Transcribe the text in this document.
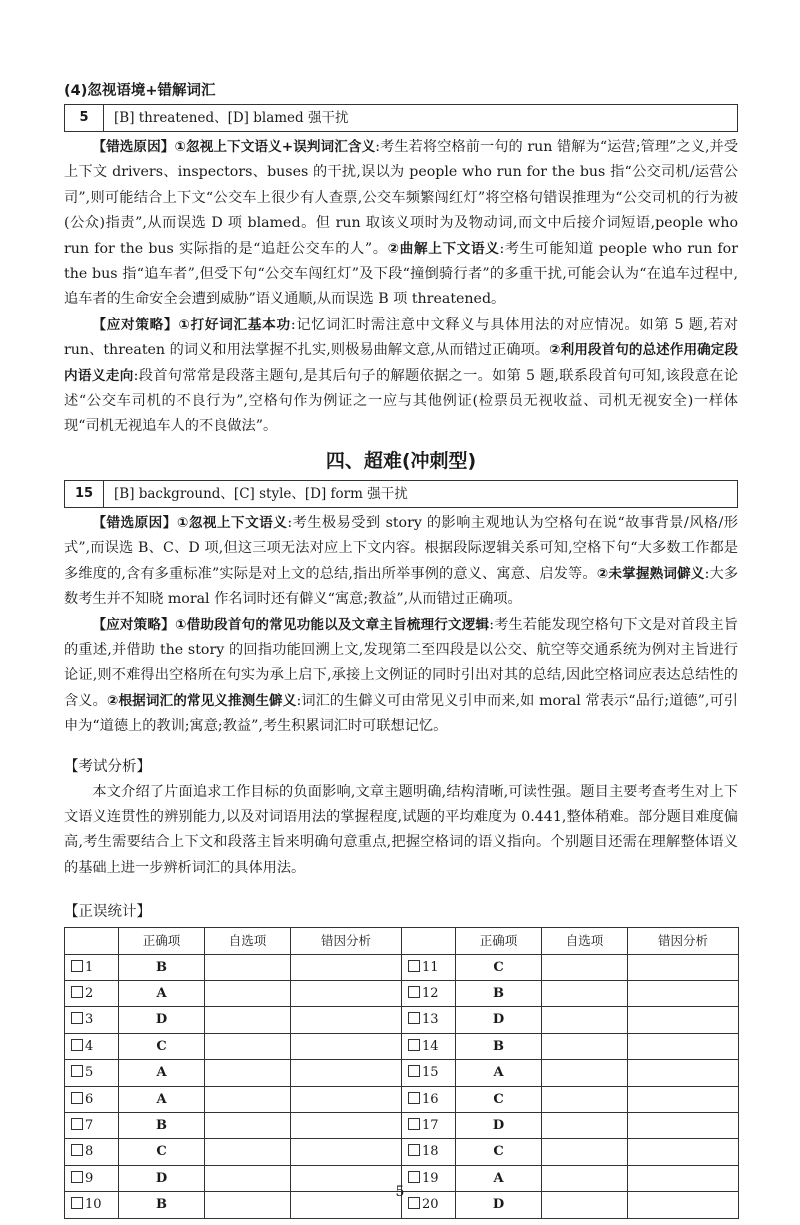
(4)忽视语境+错解词汇
5	[B] threatened、[D] blamed 强干扰

【错选原因】①忽视上下文语义+误判词汇含义:考生若将空格前一句的 run 错解为“运营;管理”之义,并受上下文 drivers、inspectors、buses 的干扰,误以为 people who run for the bus 指“公交司机/运营公司”,则可能结合上下文“公交车上很少有人查票,公交车频繁闯红灯”将空格句错误推理为“公交司机的行为被(公众)指责”,从而误选 D 项 blamed。但 run 取该义项时为及物动词,而文中后接介词短语,people who run for the bus 实际指的是“追赶公交车的人”。②曲解上下文语义:考生可能知道 people who run for the bus 指“追车者”,但受下句“公交车闯红灯”及下段“撞倒骑行者”的多重干扰,可能会认为“在追车过程中,追车者的生命安全会遭到威胁”语义通顺,从而误选 B 项 threatened。

【应对策略】①打好词汇基本功:记忆词汇时需注意中文释义与具体用法的对应情况。如第 5 题,若对 run、threaten 的词义和用法掌握不扎实,则极易曲解文意,从而错过正确项。②利用段首句的总述作用确定段内语义走向:段首句常常是段落主题句,是其后句子的解题依据之一。如第 5 题,联系段首句可知,该段意在论述“公交车司机的不良行为”,空格句作为例证之一应与其他例证(检票员无视收益、司机无视安全)一样体现“司机无视追车人的不良做法”。

四、超难(冲刺型)
15	[B] background、[C] style、[D] form 强干扰

【错选原因】①忽视上下文语义:考生极易受到 story 的影响主观地认为空格句在说“故事背景/风格/形式”,而误选 B、C、D 项,但这三项无法对应上下文内容。根据段际逻辑关系可知,空格下句“大多数工作都是多维度的,含有多重标准”实际是对上文的总结,指出所举事例的意义、寓意、启发等。②未掌握熟词僻义:大多数考生并不知晓 moral 作名词时还有僻义“寓意;教益”,从而错过正确项。

【应对策略】①借助段首句的常见功能以及文章主旨梳理行文逻辑:考生若能发现空格句下文是对首段主旨的重述,并借助 the story 的回指功能回溯上文,发现第二至四段是以公交、航空等交通系统为例对主旨进行论证,则不难得出空格所在句实为承上启下,承接上文例证的同时引出对其的总结,因此空格词应表达总结性的含义。②根据词汇的常见义推测生僻义:词汇的生僻义可由常见义引申而来,如 moral 常表示“品行;道德”,可引申为“道德上的教训;寓意;教益”,考生积累词汇时可联想记忆。

【考试分析】

本文介绍了片面追求工作目标的负面影响,文章主题明确,结构清晰,可读性强。题目主要考查考生对上下文语义连贯性的辨别能力,以及对词语用法的掌握程度,试题的平均难度为 0.441,整体稍难。部分题目难度偏高,考生需要结合上下文和段落主旨来明确句意重点,把握空格词的语义指向。个别题目还需在理解整体语义的基础上进一步辨析词汇的具体用法。

【正误统计】
	正确项	自选项	错因分析		正确项	自选项	错因分析
1	B			11	C		
2	A			12	B		
3	D			13	D		
4	C			14	B		
5	A			15	A		
6	A			16	C		
7	B			17	D		
8	C			18	C		
9	D			19	A		
10	B			20	D		
5
